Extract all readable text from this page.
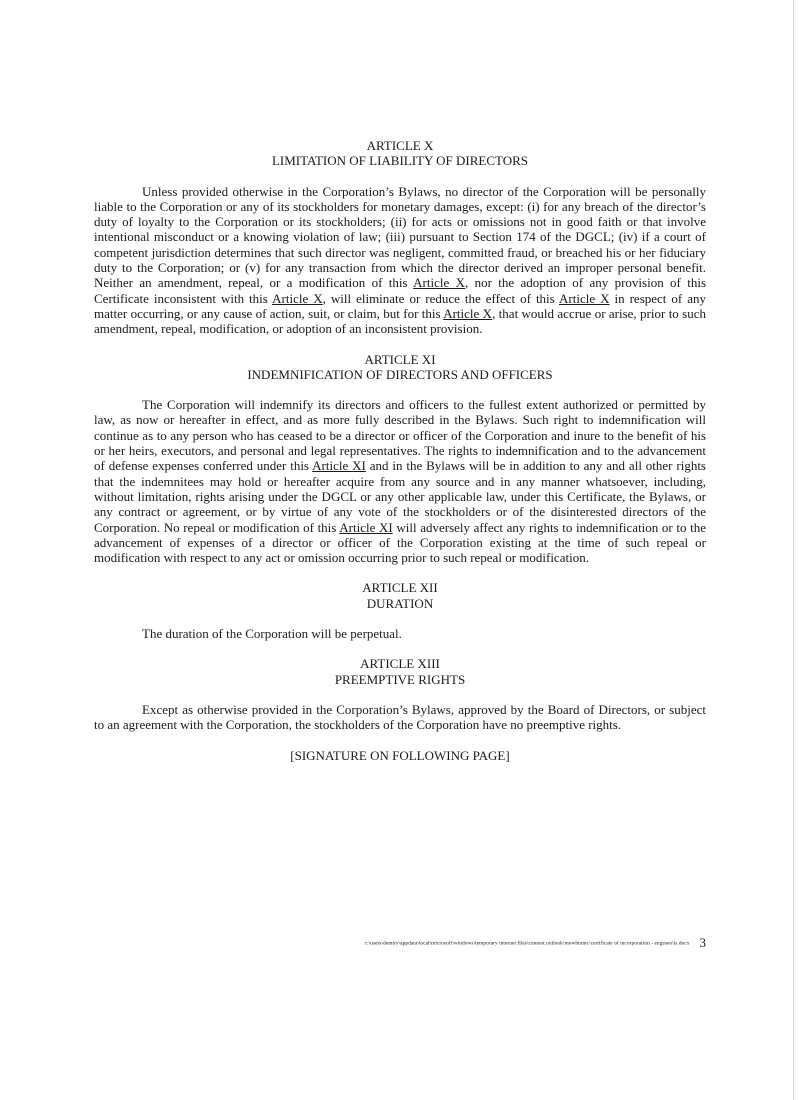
ARTICLE X

LIMITATION OF LIABILITY OF DIRECTORS

Unless provided otherwise in the Corporation’s Bylaws, no director of the Corporation will be personally liable to the Corporation or any of its stockholders for monetary damages, except: (i) for any breach of the director’s duty of loyalty to the Corporation or its stockholders; (ii) for acts or omissions not in good faith or that involve intentional misconduct or a knowing violation of law; (iii) pursuant to Section 174 of the DGCL; (iv) if a court of competent jurisdiction determines that such director was negligent, committed fraud, or breached his or her fiduciary duty to the Corporation; or (v) for any transaction from which the director derived an improper personal benefit. Neither an amendment, repeal, or a modification of this Article X, nor the adoption of any provision of this Certificate inconsistent with this Article X, will eliminate or reduce the effect of this Article X in respect of any matter occurring, or any cause of action, suit, or claim, but for this Article X, that would accrue or arise, prior to such amendment, repeal, modification, or adoption of an inconsistent provision.

ARTICLE XI

INDEMNIFICATION OF DIRECTORS AND OFFICERS

The Corporation will indemnify its directors and officers to the fullest extent authorized or permitted by law, as now or hereafter in effect, and as more fully described in the Bylaws. Such right to indemnification will continue as to any person who has ceased to be a director or officer of the Corporation and inure to the benefit of his or her heirs, executors, and personal and legal representatives. The rights to indemnification and to the advancement of defense expenses conferred under this Article XI and in the Bylaws will be in addition to any and all other rights that the indemnitees may hold or hereafter acquire from any source and in any manner whatsoever, including, without limitation, rights arising under the DGCL or any other applicable law, under this Certificate, the Bylaws, or any contract or agreement, or by virtue of any vote of the stockholders or of the disinterested directors of the Corporation. No repeal or modification of this Article XI will adversely affect any rights to indemnification or to the advancement of expenses of a director or officer of the Corporation existing at the time of such repeal or modification with respect to any act or omission occurring prior to such repeal or modification.

ARTICLE XII

DURATION

The duration of the Corporation will be perpetual.

ARTICLE XIII

PREEMPTIVE RIGHTS

Except as otherwise provided in the Corporation’s Bylaws, approved by the Board of Directors, or subject to an agreement with the Corporation, the stockholders of the Corporation have no preemptive rights.

[SIGNATURE ON FOLLOWING PAGE]

c:\users\demtry\appdata\local\microsoft\windows\temporary internet files\content.outlook\mowhtomc\certificate of incorporation - engeseo\is.docx 3
